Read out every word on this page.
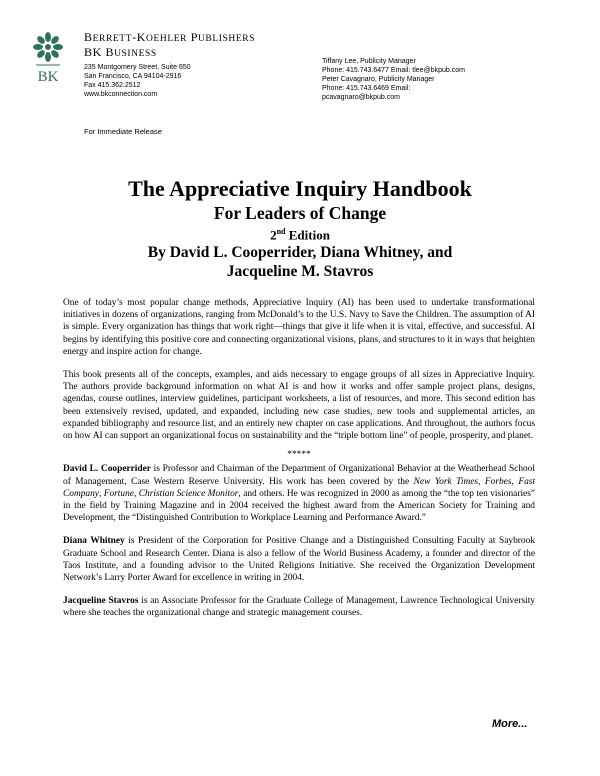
BK
BERRETT-KOEHLER PUBLISHERS
BK BUSINESS
235 Montgomery Street, Suite 650
San Francisco, CA 94104-2916
Fax 415.362.2512
www.bkconnection.com
Tiffany Lee, Publicity Manager
Phone: 415.743.6477 Email: tlee@bkpub.com
Peter Cavagnaro, Publicity Manager
Phone: 415.743.6469 Email:
pcavagnaro@bkpub.com
For Immediate Release
The Appreciative Inquiry Handbook
For Leaders of Change
2nd Edition
By David L. Cooperrider, Diana Whitney, and
Jacqueline M. Stavros

One of today’s most popular change methods, Appreciative Inquiry (AI) has been used to undertake transformational initiatives in dozens of organizations, ranging from McDonald’s to the U.S. Navy to Save the Children. The assumption of AI is simple. Every organization has things that work right—things that give it life when it is vital, effective, and successful. AI begins by identifying this positive core and connecting organizational visions, plans, and structures to it in ways that heighten energy and inspire action for change.

This book presents all of the concepts, examples, and aids necessary to engage groups of all sizes in Appreciative Inquiry. The authors provide background information on what AI is and how it works and offer sample project plans, designs, agendas, course outlines, interview guidelines, participant worksheets, a list of resources, and more. This second edition has been extensively revised, updated, and expanded, including new case studies, new tools and supplemental articles, an expanded bibliography and resource list, and an entirely new chapter on case applications. And throughout, the authors focus on how AI can support an organizational focus on sustainability and the “triple bottom line” of people, prosperity, and planet.

*****

David L. Cooperrider is Professor and Chairman of the Department of Organizational Behavior at the Weatherhead School of Management, Case Western Reserve University. His work has been covered by the New York Times, Forbes, Fast Company, Fortune, Christian Science Monitor, and others. He was recognized in 2000 as among the “the top ten visionaries” in the field by Training Magazine and in 2004 received the highest award from the American Society for Training and Development, the “Distinguished Contribution to Workplace Learning and Performance Award.”

Diana Whitney is President of the Corporation for Positive Change and a Distinguished Consulting Faculty at Saybrook Graduate School and Research Center. Diana is also a fellow of the World Business Academy, a founder and director of the Taos Institute, and a founding advisor to the United Religions Initiative. She received the Organization Development Network’s Larry Porter Award for excellence in writing in 2004.

Jacqueline Stavros is an Associate Professor for the Graduate College of Management, Lawrence Technological University where she teaches the organizational change and strategic management courses.

More...
